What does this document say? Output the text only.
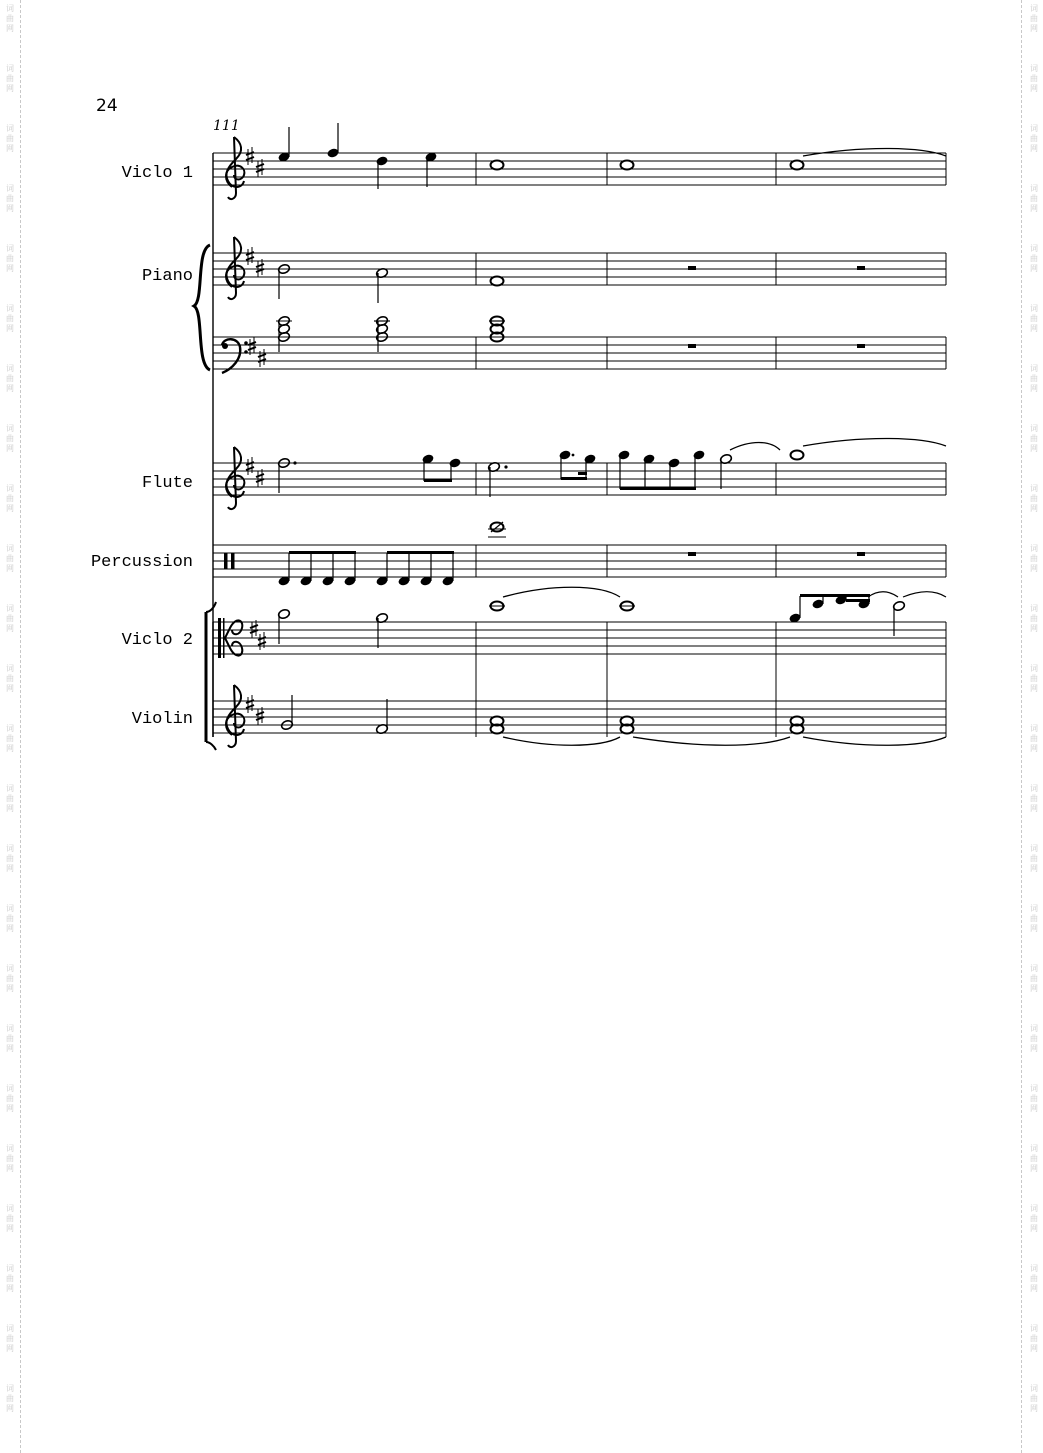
词
曲
网
词
曲
网
词
曲
网
词
曲
网
词
曲
网
词
曲
网
词
曲
网
词
曲
网
词
曲
网
词
曲
网
词
曲
网
词
曲
网
词
曲
网
词
曲
网
词
曲
网
词
曲
网
词
曲
网
词
曲
网
词
曲
网
词
曲
网
词
曲
网
词
曲
网
词
曲
网
词
曲
网
词
曲
网
词
曲
网
词
曲
网
词
曲
网
词
曲
网
词
曲
网
词
曲
网
词
曲
网
词
曲
网
词
曲
网
词
曲
网
词
曲
网
词
曲
网
词
曲
网
词
曲
网
词
曲
网
词
曲
网
词
曲
网
词
曲
网
词
曲
网
词
曲
网
词
曲
网
词
曲
网
词
曲
网
24
111
Viclo 1
Piano
Flute
Percussion
Viclo 2
Violin
